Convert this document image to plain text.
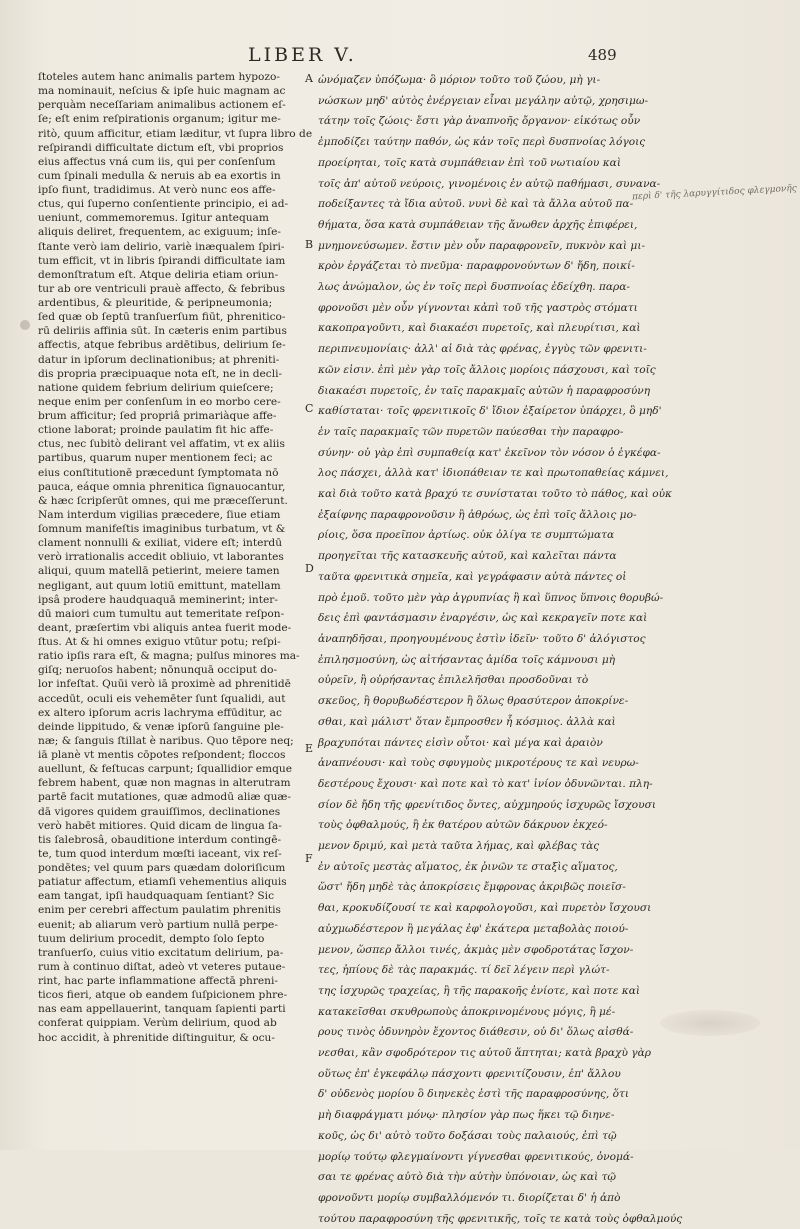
LIBER V.	489
ſtoteles autem hanc animalis partem hypozo-
ma nominauit, neſcius & ipſe huic magnam ac
perquàm neceſſariam animalibus actionem eſ-
ſe; eſt enim reſpirationis organum; igitur me-
ritò, quum afficitur, etiam læditur, vt ſupra libro de
reſpirandi difficultate dictum eſt, vbi proprios
eius affectus vná cum iis, qui per conſenſum
cum ſpinali medulla & neruis ab ea exortis in
ipſo fiunt, tradidimus. At verò nunc eos affe-
ctus, qui ſuperno conſentiente principio, ei ad-
ueniunt, commemoremus. Igitur antequam
aliquis deliret, frequentem, ac exiguum; inſe-
ſtante verò iam delirio, variè inæqualem ſpiri-
tum efficit, vt in libris ſpirandi difficultate iam
demonſtratum eſt. Atque deliria etiam oriun-
tur ab ore ventriculi prauè affecto, & febribus
ardentibus, & pleuritide, & peripneumonia;
ſed quæ ob ſeptū tranſuerſum fiūt, phrenitico-
rū deliriis affinia sūt. In cæteris enim partibus
affectis, atque febribus ardētibus, delirium ſe-
datur in ipſorum declinationibus; at phreniti-
dis propria præcipuaque nota eſt, ne in decli-
natione quidem febrium delirium quieſcere;
neque enim per conſenſum in eo morbo cere-
brum afficitur; ſed propriâ primariàque affe-
ctione laborat; proinde paulatim fit hic affe-
ctus, nec ſubitò delirant vel affatim, vt ex aliis
partibus, quarum nuper mentionem feci; ac
eius conſtitutionē præcedunt ſymptomata nō
pauca, eáque omnia phrenitica ſignauocantur,
& hæc ſcripſerūt omnes, qui me præceſſerunt.
Nam interdum vigilias præcedere, ſiue etiam
ſomnum manifeſtis imaginibus turbatum, vt &
clament nonnulli & exiliat, videre eſt; interdū
verò irrationalis accedit obliuio, vt laborantes
aliqui, quum matellā petierint, meiere tamen
negligant, aut quum lotiū emittunt, matellam
ipsâ prodere haudquaquā meminerint; inter-
dū maiori cum tumultu aut temeritate reſpon-
deant, præſertim vbi aliquis antea fuerit mode-
ſtus. At & hi omnes exiguo vtūtur potu; reſpi-
ratio ipſis rara eſt, & magna; pulſus minores ma-
giſq; neruoſos habent; nōnunquā occiput do-
lor infeſtat. Quūi verò iā proximè ad phrenitidē
accedūt, oculi eis vehemēter ſunt ſqualidi, aut
ex altero ipſorum acris lachryma effūditur, ac
deinde lippitudo, & venæ ipſorū ſanguine ple-
næ; & ſanguis ſtillat è naribus. Quo tēpore neq;
iā planè vt mentis cōpotes reſpondent; floccos
auellunt, & feſtucas carpunt; ſquallidior emque
febrem habent, quæ non magnas in alterutram
partē facit mutationes, quæ admodū aliæ quæ-
dā vigores quidem grauiſſimos, declinationes
verò habēt mitiores. Quid dicam de lingua ſa-
tis ſalebrosâ, obauditione interdum contingē-
te, tum quod interdum mœſti iaceant, vix reſ-
pondētes; vel quum pars quædam doloriſicum
patiatur affectum, etiamſi vehementius aliquis
eam tangat, ipſi haudquaquam ſentiant? Sic
enim per cerebri affectum paulatim phrenitis
euenit; ab aliarum verò partium nullā perpe-
tuum delirium procedit, dempto ſolo ſepto
tranſuerſo, cuius vitio excitatum delirium, pa-
rum à continuo diſtat, adeò vt veteres putaue-
rint, hac parte inflammatione affectā phreni-
ticos fieri, atque ob eandem ſuſpicionem phre-
nas eam appellauerint, tanquam ſapienti parti
conferat quippiam. Verùm delirium, quod ab
hoc accidit, à phrenitide diſtinguitur, & ocu-
A
B
C
D
E
F
ὠνόμαζεν ὑπόζωμα· ὃ μόριον τοῦτο τοῦ ζώου, μὴ γι-
νώσκων μηδ' αὐτὸς ἐνέργειαν εἶναι μεγάλην αὐτῷ, χρησιμω-
τάτην τοῖς ζώοις· ἔστι γὰρ ἀναπνοῆς ὄργανον· εἰκότως οὖν
ἐμποδίζει ταύτην παθόν, ὡς κἀν τοῖς περὶ δυσπνοίας λόγοις
προείρηται, τοῖς κατὰ συμπάθειαν ἐπὶ τοῦ νωτιαίου καὶ
τοῖς ἀπ' αὐτοῦ νεύροις, γινομένοις ἐν αὐτῷ παθήμασι, συνανα-
ποδείξαντες τὰ ἴδια αὐτοῦ. νυνὶ δὲ καὶ τὰ ἄλλα αὐτοῦ πα-
θήματα, ὅσα κατὰ συμπάθειαν τῆς ἄνωθεν ἀρχῆς ἐπιφέρει,
μνημονεύσωμεν. ἔστιν μὲν οὖν παραφρονεῖν, πυκνὸν καὶ μι-
κρὸν ἐργάζεται τὸ πνεῦμα· παραφρονούντων δ' ἤδη, ποικί-
λως ἀνώμαλον, ὡς ἐν τοῖς περὶ δυσπνοίας ἐδείχθη. παρα-
φρονοῦσι μὲν οὖν γίγνονται κἀπὶ τοῦ τῆς γαστρὸς στόματι
κακοπραγοῦντι, καὶ διακαέσι πυρετοῖς, καὶ πλευρίτισι, καὶ
περιπνευμονίαις· ἀλλ' αἱ διὰ τὰς φρένας, ἐγγὺς τῶν φρενιτι-
κῶν εἰσιν. ἐπὶ μὲν γὰρ τοῖς ἄλλοις μορίοις πάσχουσι, καὶ τοῖς
διακαέσι πυρετοῖς, ἐν ταῖς παρακμαῖς αὐτῶν ἡ παραφροσύνη
καθίσταται· τοῖς φρενιτικοῖς δ' ἴδιον ἐξαίρετον ὑπάρχει, ὃ μηδ'
ἐν ταῖς παρακμαῖς τῶν πυρετῶν παύεσθαι τὴν παραφρο-
σύνην· οὐ γὰρ ἐπὶ συμπαθείᾳ κατ' ἐκεῖνον τὸν νόσον ὁ ἐγκέφα-
λος πάσχει, ἀλλὰ κατ' ἰδιοπάθειαν τε καὶ πρωτοπαθείας κάμνει,
καὶ διὰ τοῦτο κατὰ βραχύ τε συνίσταται τοῦτο τὸ πάθος, καὶ οὐκ
ἐξαίφνης παραφρονοῦσιν ἢ ἀθρόως, ὡς ἐπὶ τοῖς ἄλλοις μο-
ρίοις, ὅσα προεῖπον ἀρτίως. οὐκ ὀλίγα τε συμπτώματα
προηγεῖται τῆς κατασκευῆς αὐτοῦ, καὶ καλεῖται πάντα
ταῦτα φρενιτικὰ σημεῖα, καὶ γεγράφασιν αὐτὰ πάντες οἱ
πρὸ ἐμοῦ. τοῦτο μὲν γὰρ ἀγρυπνίας ἢ καὶ ὕπνος ὕπνοις θορυβώ-
δεις ἐπὶ φαντάσμασιν ἐναργέσιν, ὡς καὶ κεκραγεῖν ποτε καὶ
ἀναπηδῆσαι, προηγουμένους ἐστὶν ἰδεῖν· τοῦτο δ' ἀλόγιστος
ἐπιλησμοσύνη, ὡς αἰτήσαντας ἀμίδα τοῖς κάμνουσι μὴ
οὐρεῖν, ἢ οὐρήσαντας ἐπιλελῆσθαι προσδοῦναι τὸ
σκεῦος, ἢ θορυβωδέστερον ἢ ὅλως θρασύτερον ἀποκρίνε-
σθαι, καὶ μάλιστ' ὅταν ἔμπροσθεν ἦ κόσμιος. ἀλλὰ καὶ
βραχυπόται πάντες εἰσὶν οὗτοι· καὶ μέγα καὶ ἀραιὸν
ἀναπνέουσι· καὶ τοὺς σφυγμοὺς μικροτέρους τε καὶ νευρω-
δεστέρους ἔχουσι· καὶ ποτε καὶ τὸ κατ' ἰνίον ὀδυνῶνται. πλη-
σίον δὲ ἤδη τῆς φρενίτιδος ὄντες, αὐχμηρούς ἰσχυρῶς ἴσχουσι
τοὺς ὀφθαλμούς, ἢ ἐκ θατέρου αὐτῶν δάκρυον ἐκχεό-
μενον δριμύ, καὶ μετὰ ταῦτα λήμας, καὶ φλέβας τὰς
ἐν αὐτοῖς μεστὰς αἵματος, ἐκ ῥινῶν τε σταξὶς αἵματος,
ὥστ' ἤδη μηδὲ τὰς ἀποκρίσεις ἔμφρονας ἀκριβῶς ποιεῖσ-
θαι, κροκυδίζουσί τε καὶ καρφολογοῦσι, καὶ πυρετὸν ἴσχουσι
αὐχμωδέστερον ἢ μεγάλας ἐφ' ἑκάτερα μεταβολὰς ποιού-
μενον, ὥσπερ ἄλλοι τινές, ἀκμὰς μὲν σφοδροτάτας ἴσχον-
τες, ἠπίους δὲ τὰς παρακμάς. τί δεῖ λέγειν περὶ γλώτ-
της ἰσχυρῶς τραχείας, ἢ τῆς παρακοῆς ἐνίοτε, καὶ ποτε καὶ
κατακεῖσθαι σκυθρωποὺς ἀποκρινομένους μόγις, ἢ μέ-
ρους τινὸς ὀδυνηρὸν ἔχοντος διάθεσιν, οὐ δι' ὅλως αἰσθά-
νεσθαι, κἂν σφοδρότερον τις αὐτοῦ ἅπτηται; κατὰ βραχὺ γὰρ
οὕτως ἐπ' ἐγκεφάλῳ πάσχοντι φρενιτίζουσιν, ἐπ' ἄλλου
δ' οὐδενὸς μορίου ὃ διηνεκὲς ἐστὶ τῆς παραφροσύνης, ὅτι
μὴ διαφράγματι μόνῳ· πλησίον γὰρ πως ἥκει τῷ διηνε-
κοῦς, ὡς δι' αὐτὸ τοῦτο δοξάσαι τοὺς παλαιούς, ἐπὶ τῷ
μορίῳ τούτῳ φλεγμαίνοντι γίγνεσθαι φρενιτικούς, ὀνομά-
σαι τε φρένας αὐτὸ διὰ τὴν αὐτὴν ὑπόνοιαν, ὡς καὶ τῷ
φρονοῦντι μορίῳ συμβαλλόμενόν τι. διορίζεται δ' ἡ ἀπὸ
τούτου παραφροσύνη τῆς φρενιτικῆς, τοῖς τε κατὰ τοὺς ὀφθαλμούς
περὶ δ' τῆς λαρυγγίτιδος φλεγμονῆς
